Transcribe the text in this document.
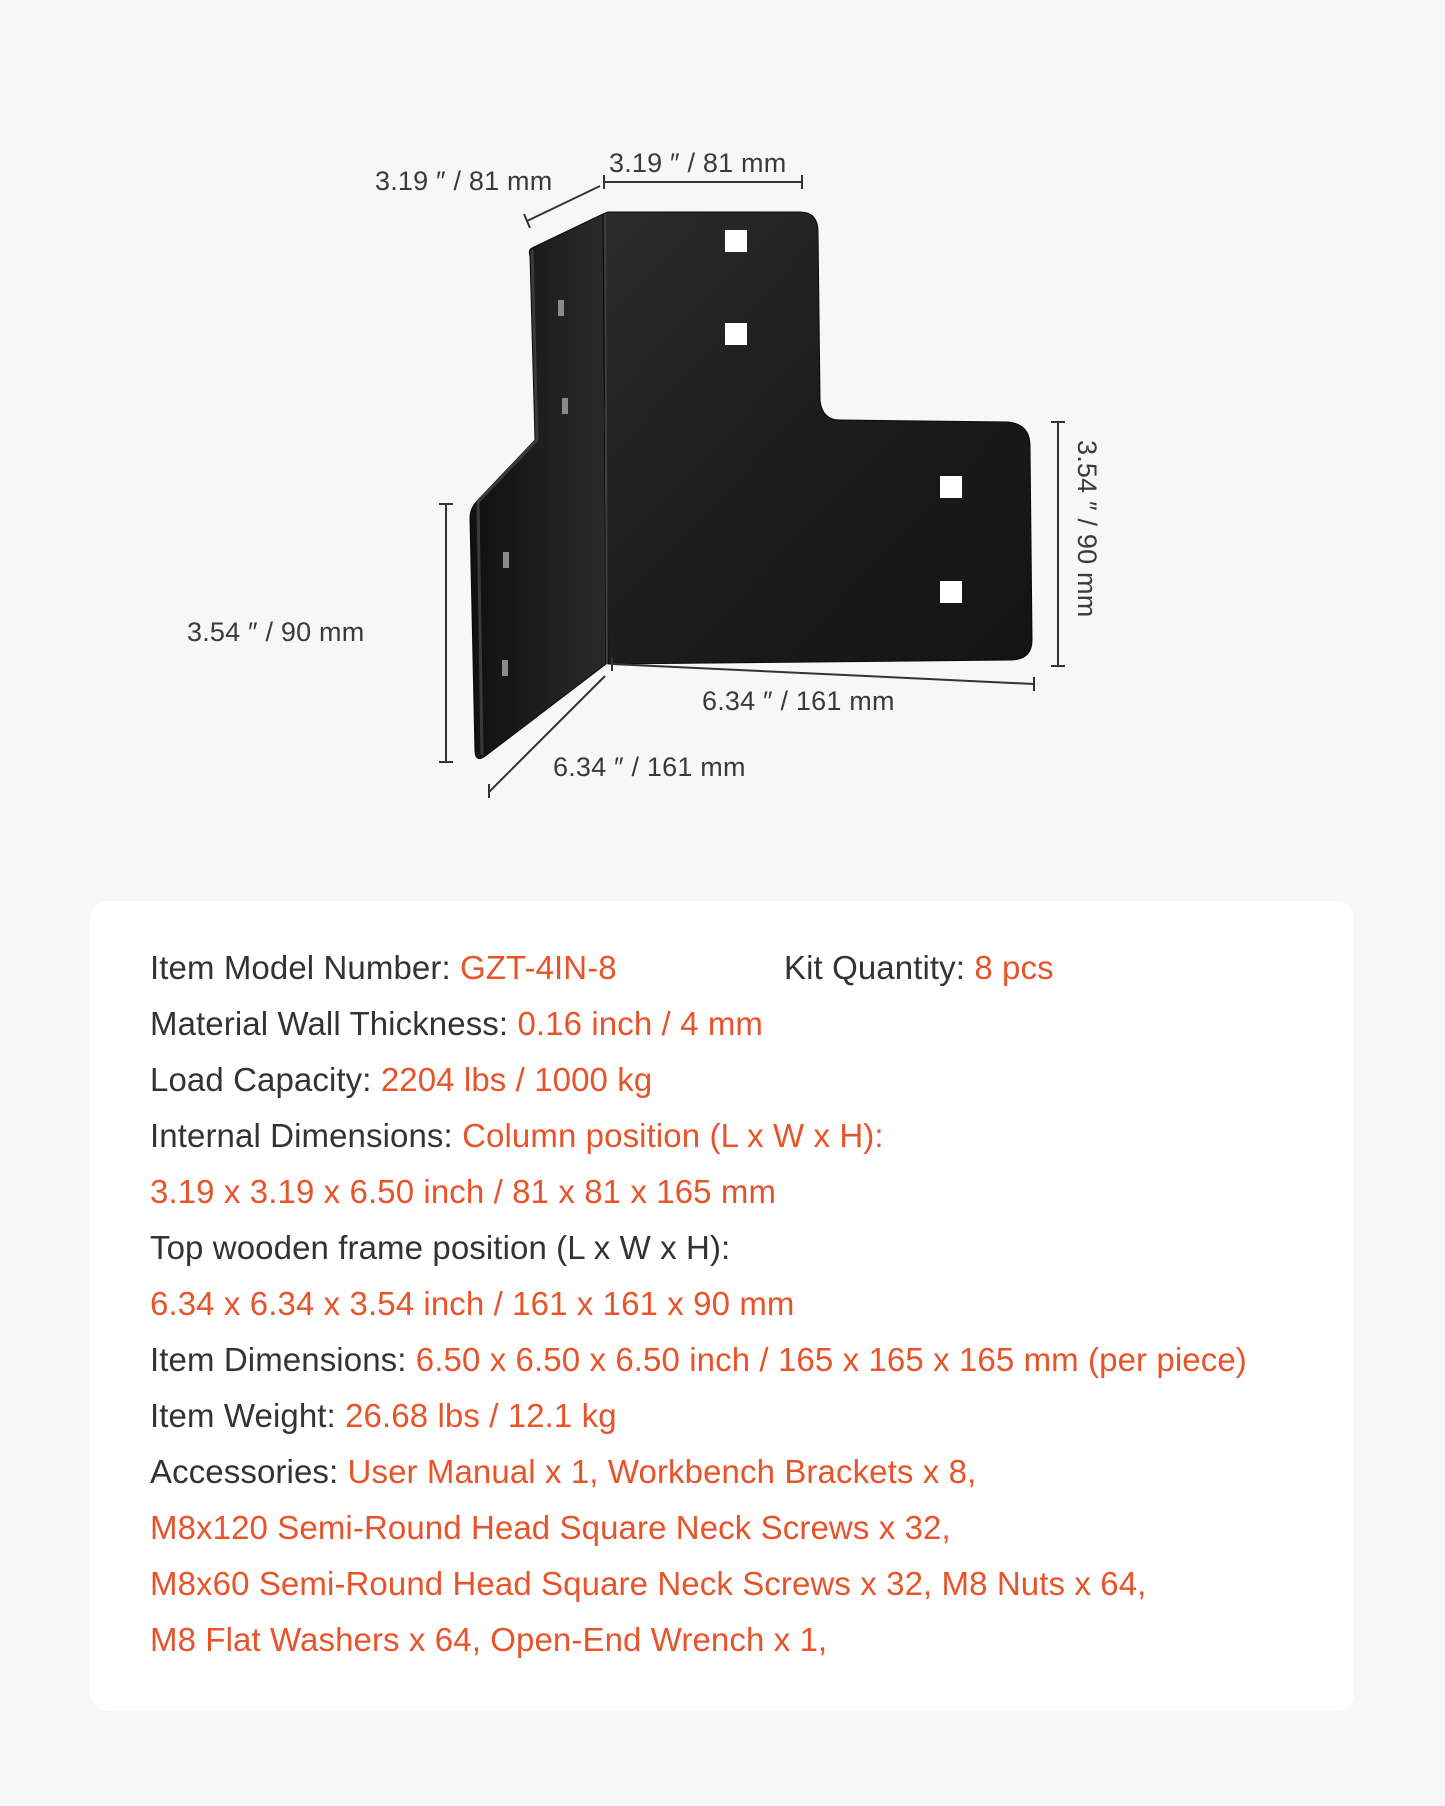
3.19 ″ / 81 mm
3.19 ″ / 81 mm
3.54 ″ / 90 mm
3.54 ″ / 90 mm
6.34 ″ / 161 mm
6.34 ″ / 161 mm
Item Model Number: GZT-4IN-8	Kit Quantity: 8 pcs
Material Wall Thickness: 0.16 inch / 4 mm
Load Capacity: 2204 lbs / 1000 kg
Internal Dimensions: Column position (L x W x H):
3.19 x 3.19 x 6.50 inch / 81 x 81 x 165 mm
Top wooden frame position (L x W x H):
6.34 x 6.34 x 3.54 inch / 161 x 161 x 90 mm
Item Dimensions: 6.50 x 6.50 x 6.50 inch / 165 x 165 x 165 mm (per piece)
Item Weight: 26.68 lbs / 12.1 kg
Accessories: User Manual x 1, Workbench Brackets x 8,
M8x120 Semi-Round Head Square Neck Screws x 32,
M8x60 Semi-Round Head Square Neck Screws x 32, M8 Nuts x 64,
M8 Flat Washers x 64, Open-End Wrench x 1,
